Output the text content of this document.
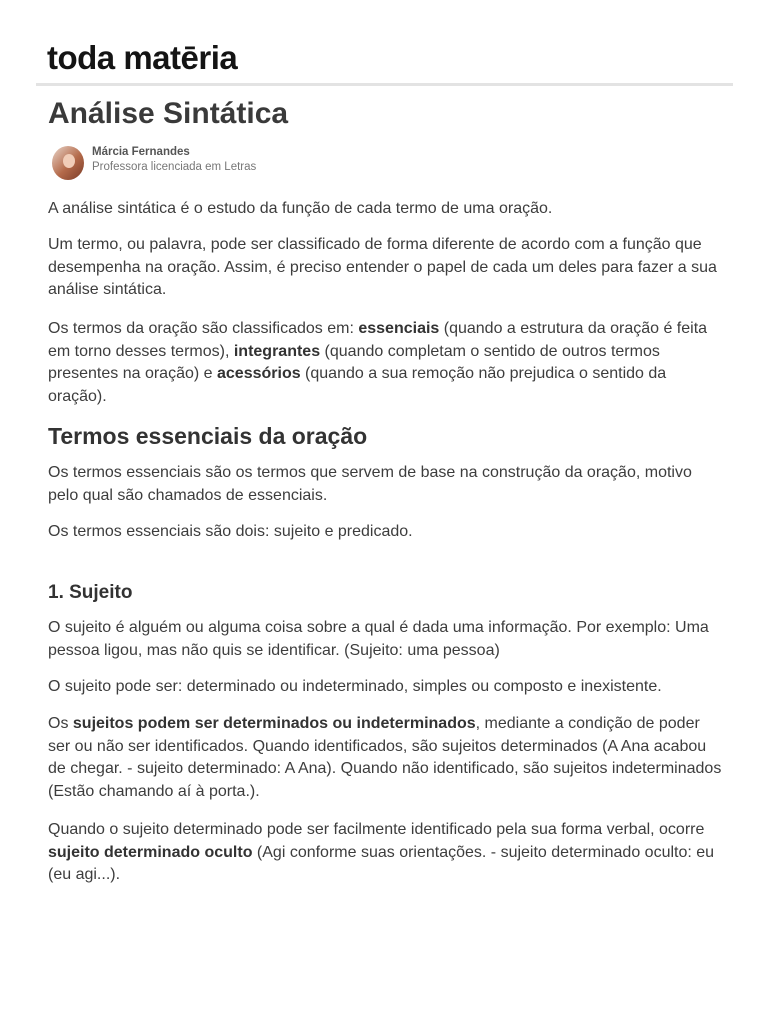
toda matēria
Análise Sintática
Márcia Fernandes
Professora licenciada em Letras

A análise sintática é o estudo da função de cada termo de uma oração.

Um termo, ou palavra, pode ser classificado de forma diferente de acordo com a função que desempenha na oração. Assim, é preciso entender o papel de cada um deles para fazer a sua análise sintática.

Os termos da oração são classificados em: essenciais (quando a estrutura da oração é feita em torno desses termos), integrantes (quando completam o sentido de outros termos presentes na oração) e acessórios (quando a sua remoção não prejudica o sentido da oração).

Termos essenciais da oração

Os termos essenciais são os termos que servem de base na construção da oração, motivo pelo qual são chamados de essenciais.

Os termos essenciais são dois: sujeito e predicado.

1. Sujeito

O sujeito é alguém ou alguma coisa sobre a qual é dada uma informação. Por exemplo: Uma pessoa ligou, mas não quis se identificar. (Sujeito: uma pessoa)

O sujeito pode ser: determinado ou indeterminado, simples ou composto e inexistente.

Os sujeitos podem ser determinados ou indeterminados, mediante a condição de poder ser ou não ser identificados. Quando identificados, são sujeitos determinados (A Ana acabou de chegar. - sujeito determinado: A Ana). Quando não identificado, são sujeitos indeterminados (Estão chamando aí à porta.).

Quando o sujeito determinado pode ser facilmente identificado pela sua forma verbal, ocorre sujeito determinado oculto (Agi conforme suas orientações. - sujeito determinado oculto: eu (eu agi...).
